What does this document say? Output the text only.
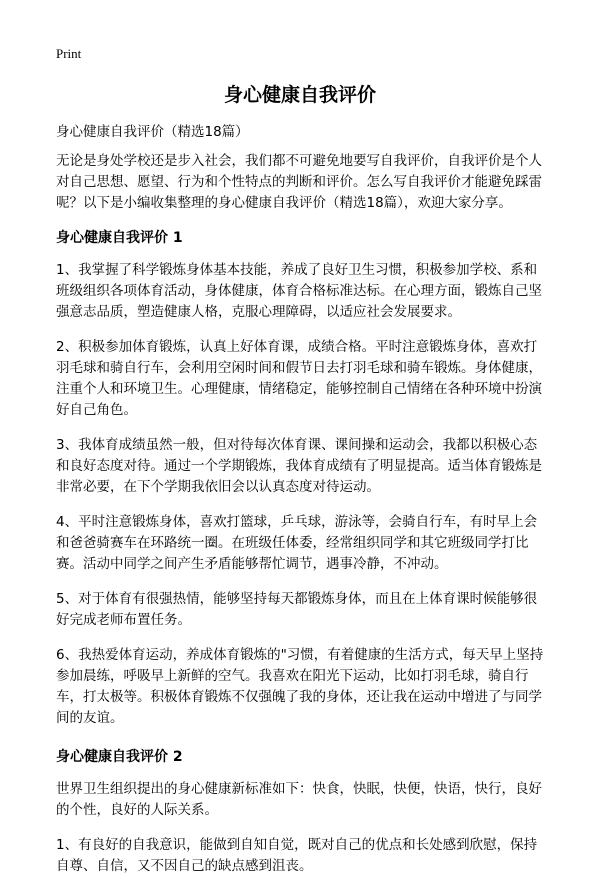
Print
身心健康自我评价

身心健康自我评价（精选18篇）

无论是身处学校还是步入社会，我们都不可避免地要写自我评价，自我评价是个人对自己思想、愿望、行为和个性特点的判断和评价。怎么写自我评价才能避免踩雷呢？以下是小编收集整理的身心健康自我评价（精选18篇），欢迎大家分享。

身心健康自我评价 1

1、我掌握了科学锻炼身体基本技能，养成了良好卫生习惯，积极参加学校、系和班级组织各项体育活动，身体健康，体育合格标准达标。在心理方面，锻炼自己坚强意志品质，塑造健康人格，克服心理障碍，以适应社会发展要求。

2、积极参加体育锻炼，认真上好体育课，成绩合格。平时注意锻炼身体，喜欢打羽毛球和骑自行车，会利用空闲时间和假节日去打羽毛球和骑车锻炼。身体健康，注重个人和环境卫生。心理健康，情绪稳定，能够控制自己情绪在各种环境中扮演好自己角色。

3、我体育成绩虽然一般，但对待每次体育课、课间操和运动会，我都以积极心态和良好态度对待。通过一个学期锻炼，我体育成绩有了明显提高。适当体育锻炼是非常必要，在下个学期我依旧会以认真态度对待运动。

4、平时注意锻炼身体，喜欢打篮球，乒乓球，游泳等，会骑自行车，有时早上会和爸爸骑赛车在环路统一圈。在班级任体委，经常组织同学和其它班级同学打比赛。活动中同学之间产生矛盾能够帮忙调节，遇事冷静，不冲动。

5、对于体育有很强热情，能够坚持每天都锻炼身体，而且在上体育课时候能够很好完成老师布置任务。

6、我热爱体育运动，养成体育锻炼的"习惯，有着健康的生活方式，每天早上坚持参加晨练，呼吸早上新鲜的空气。我喜欢在阳光下运动，比如打羽毛球，骑自行车，打太极等。积极体育锻炼不仅强魄了我的身体，还让我在运动中增进了与同学间的友谊。

身心健康自我评价 2

世界卫生组织提出的身心健康新标准如下：快食，快眠，快便，快语，快行，良好的个性，良好的人际关系。

1、有良好的自我意识，能做到自知自觉，既对自己的优点和长处感到欣慰，保持自尊、自信，又不因自己的缺点感到沮丧。
